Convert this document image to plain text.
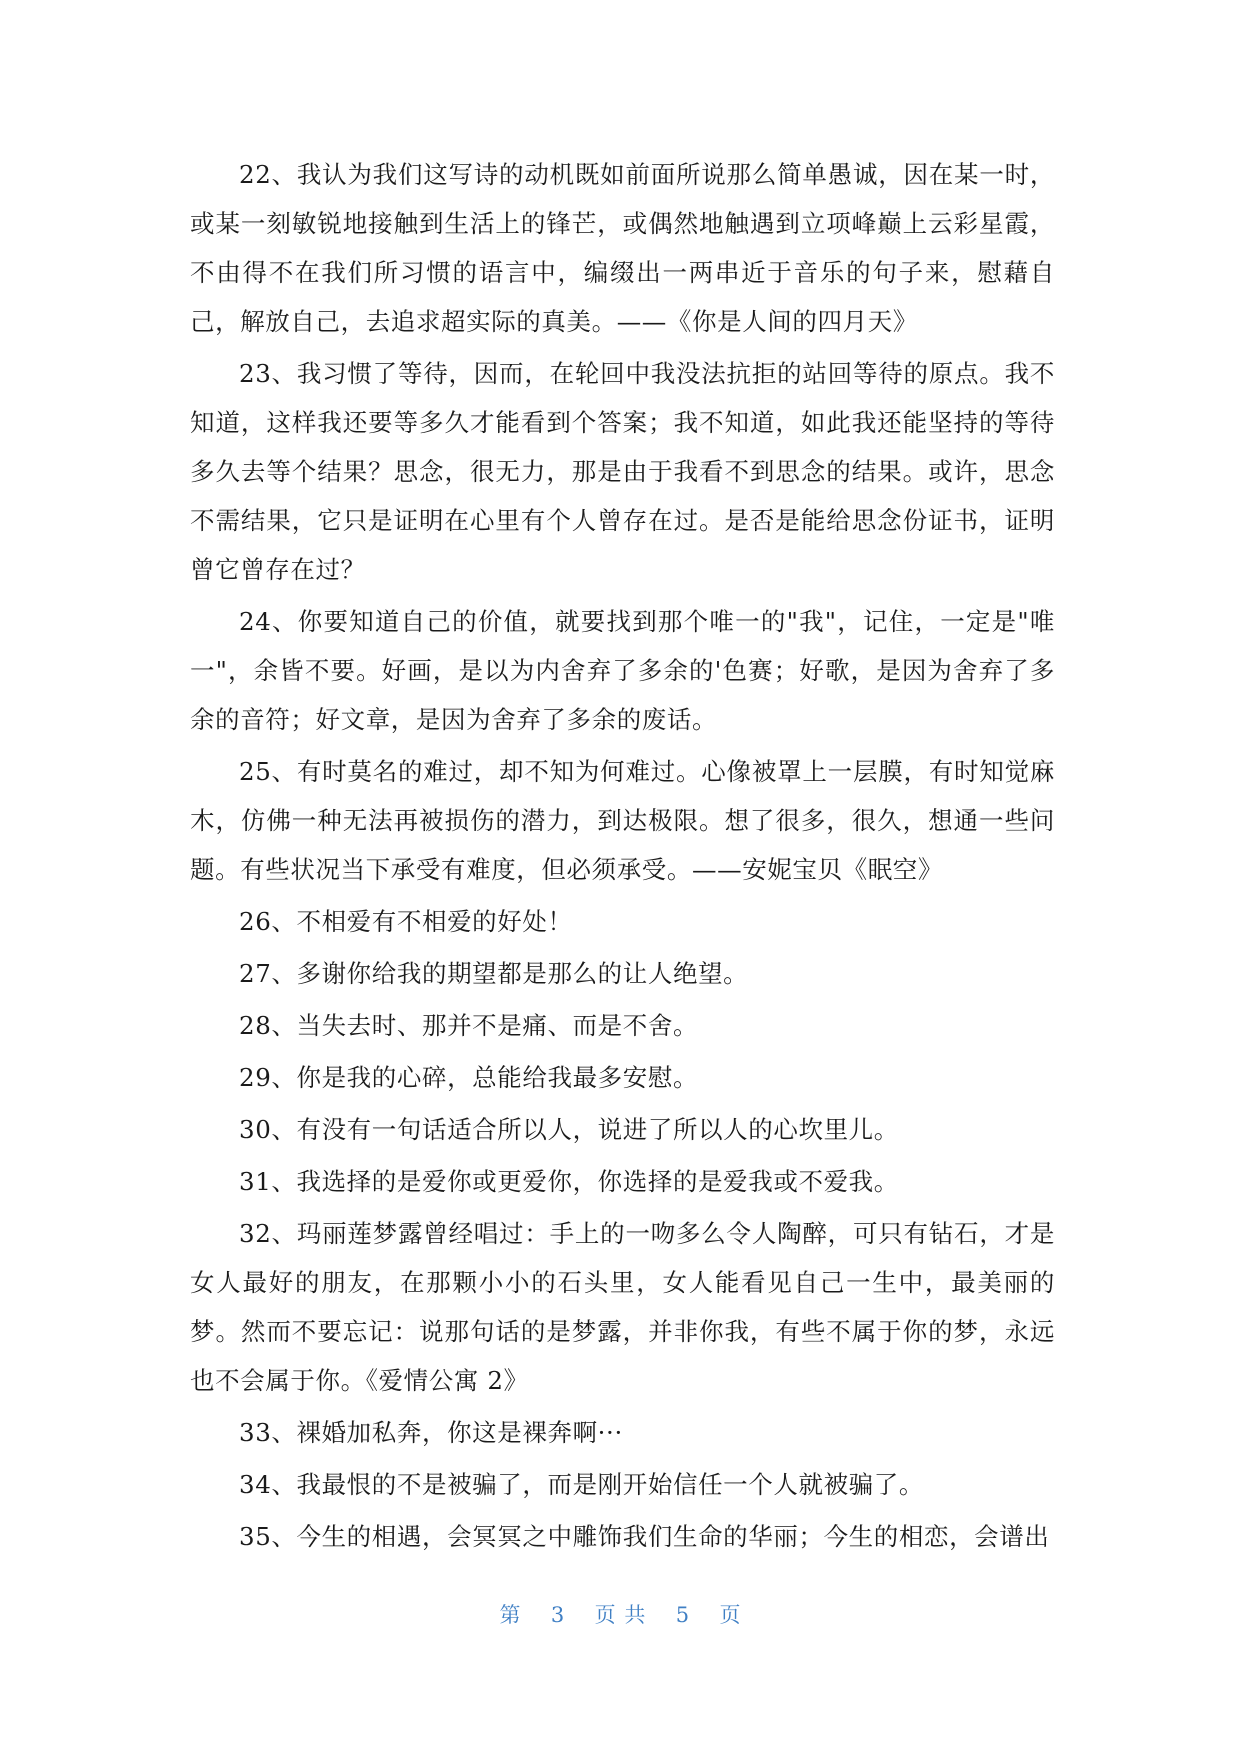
22、我认为我们这写诗的动机既如前面所说那么简单愚诚，因在某一时，或某一刻敏锐地接触到生活上的锋芒，或偶然地触遇到立项峰巅上云彩星霞，不由得不在我们所习惯的语言中，编缀出一两串近于音乐的句子来，慰藉自己，解放自己，去追求超实际的真美。——《你是人间的四月天》

23、我习惯了等待，因而，在轮回中我没法抗拒的站回等待的原点。我不知道，这样我还要等多久才能看到个答案；我不知道，如此我还能坚持的等待多久去等个结果？思念，很无力，那是由于我看不到思念的结果。或许，思念不需结果，它只是证明在心里有个人曾存在过。是否是能给思念份证书，证明曾它曾存在过？

24、你要知道自己的价值，就要找到那个唯一的"我"，记住，一定是"唯一"，余皆不要。好画，是以为内舍弃了多余的'色赛；好歌，是因为舍弃了多余的音符；好文章，是因为舍弃了多余的废话。

25、有时莫名的难过，却不知为何难过。心像被罩上一层膜，有时知觉麻木，仿佛一种无法再被损伤的潜力，到达极限。想了很多，很久，想通一些问题。有些状况当下承受有难度，但必须承受。——安妮宝贝《眠空》

26、不相爱有不相爱的好处！

27、多谢你给我的期望都是那么的让人绝望。

28、当失去时、那并不是痛、而是不舍。

29、你是我的心碎，总能给我最多安慰。

30、有没有一句话适合所以人，说进了所以人的心坎里儿。

31、我选择的是爱你或更爱你，你选择的是爱我或不爱我。

32、玛丽莲梦露曾经唱过：手上的一吻多么令人陶醉，可只有钻石，才是女人最好的朋友，在那颗小小的石头里，女人能看见自己一生中，最美丽的梦。然而不要忘记：说那句话的是梦露，并非你我，有些不属于你的梦，永远也不会属于你。《爱情公寓 2》

33、裸婚加私奔，你这是裸奔啊···

34、我最恨的不是被骗了，而是刚开始信任一个人就被骗了。

35、今生的相遇，会冥冥之中雕饰我们生命的华丽；今生的相恋，会谱出

第 3 页 共 5 页
